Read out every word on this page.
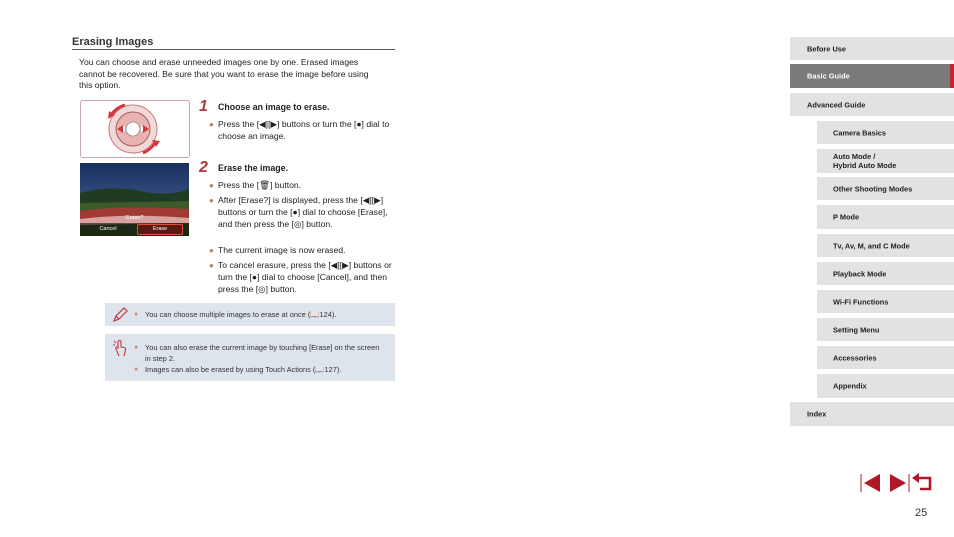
Erasing Images
You can choose and erase unneeded images one by one. Erased images cannot be recovered. Be sure that you want to erase the image before using this option.
Erase?
Cancel	Erase
1 Choose an image to erase.
● Press the [◀][▶] buttons or turn the [●] dial to choose an image.
2 Erase the image.
● Press the [🗑] button.
● After [Erase?] is displayed, press the [◀][▶] buttons or turn the [●] dial to choose [Erase], and then press the [◎] button.
● The current image is now erased.
● To cancel erasure, press the [◀][▶] buttons or turn the [●] dial to choose [Cancel], and then press the [◎] button.
● You can choose multiple images to erase at once (📖124).
● You can also erase the current image by touching [Erase] on the screen in step 2.
● Images can also be erased by using Touch Actions (📖127).
Before Use
Basic Guide
Advanced Guide
Camera Basics
Auto Mode /
Hybrid Auto Mode
Other Shooting Modes
P Mode
Tv, Av, M, and C Mode
Playback Mode
Wi-Fi Functions
Setting Menu
Accessories
Appendix
Index
25
